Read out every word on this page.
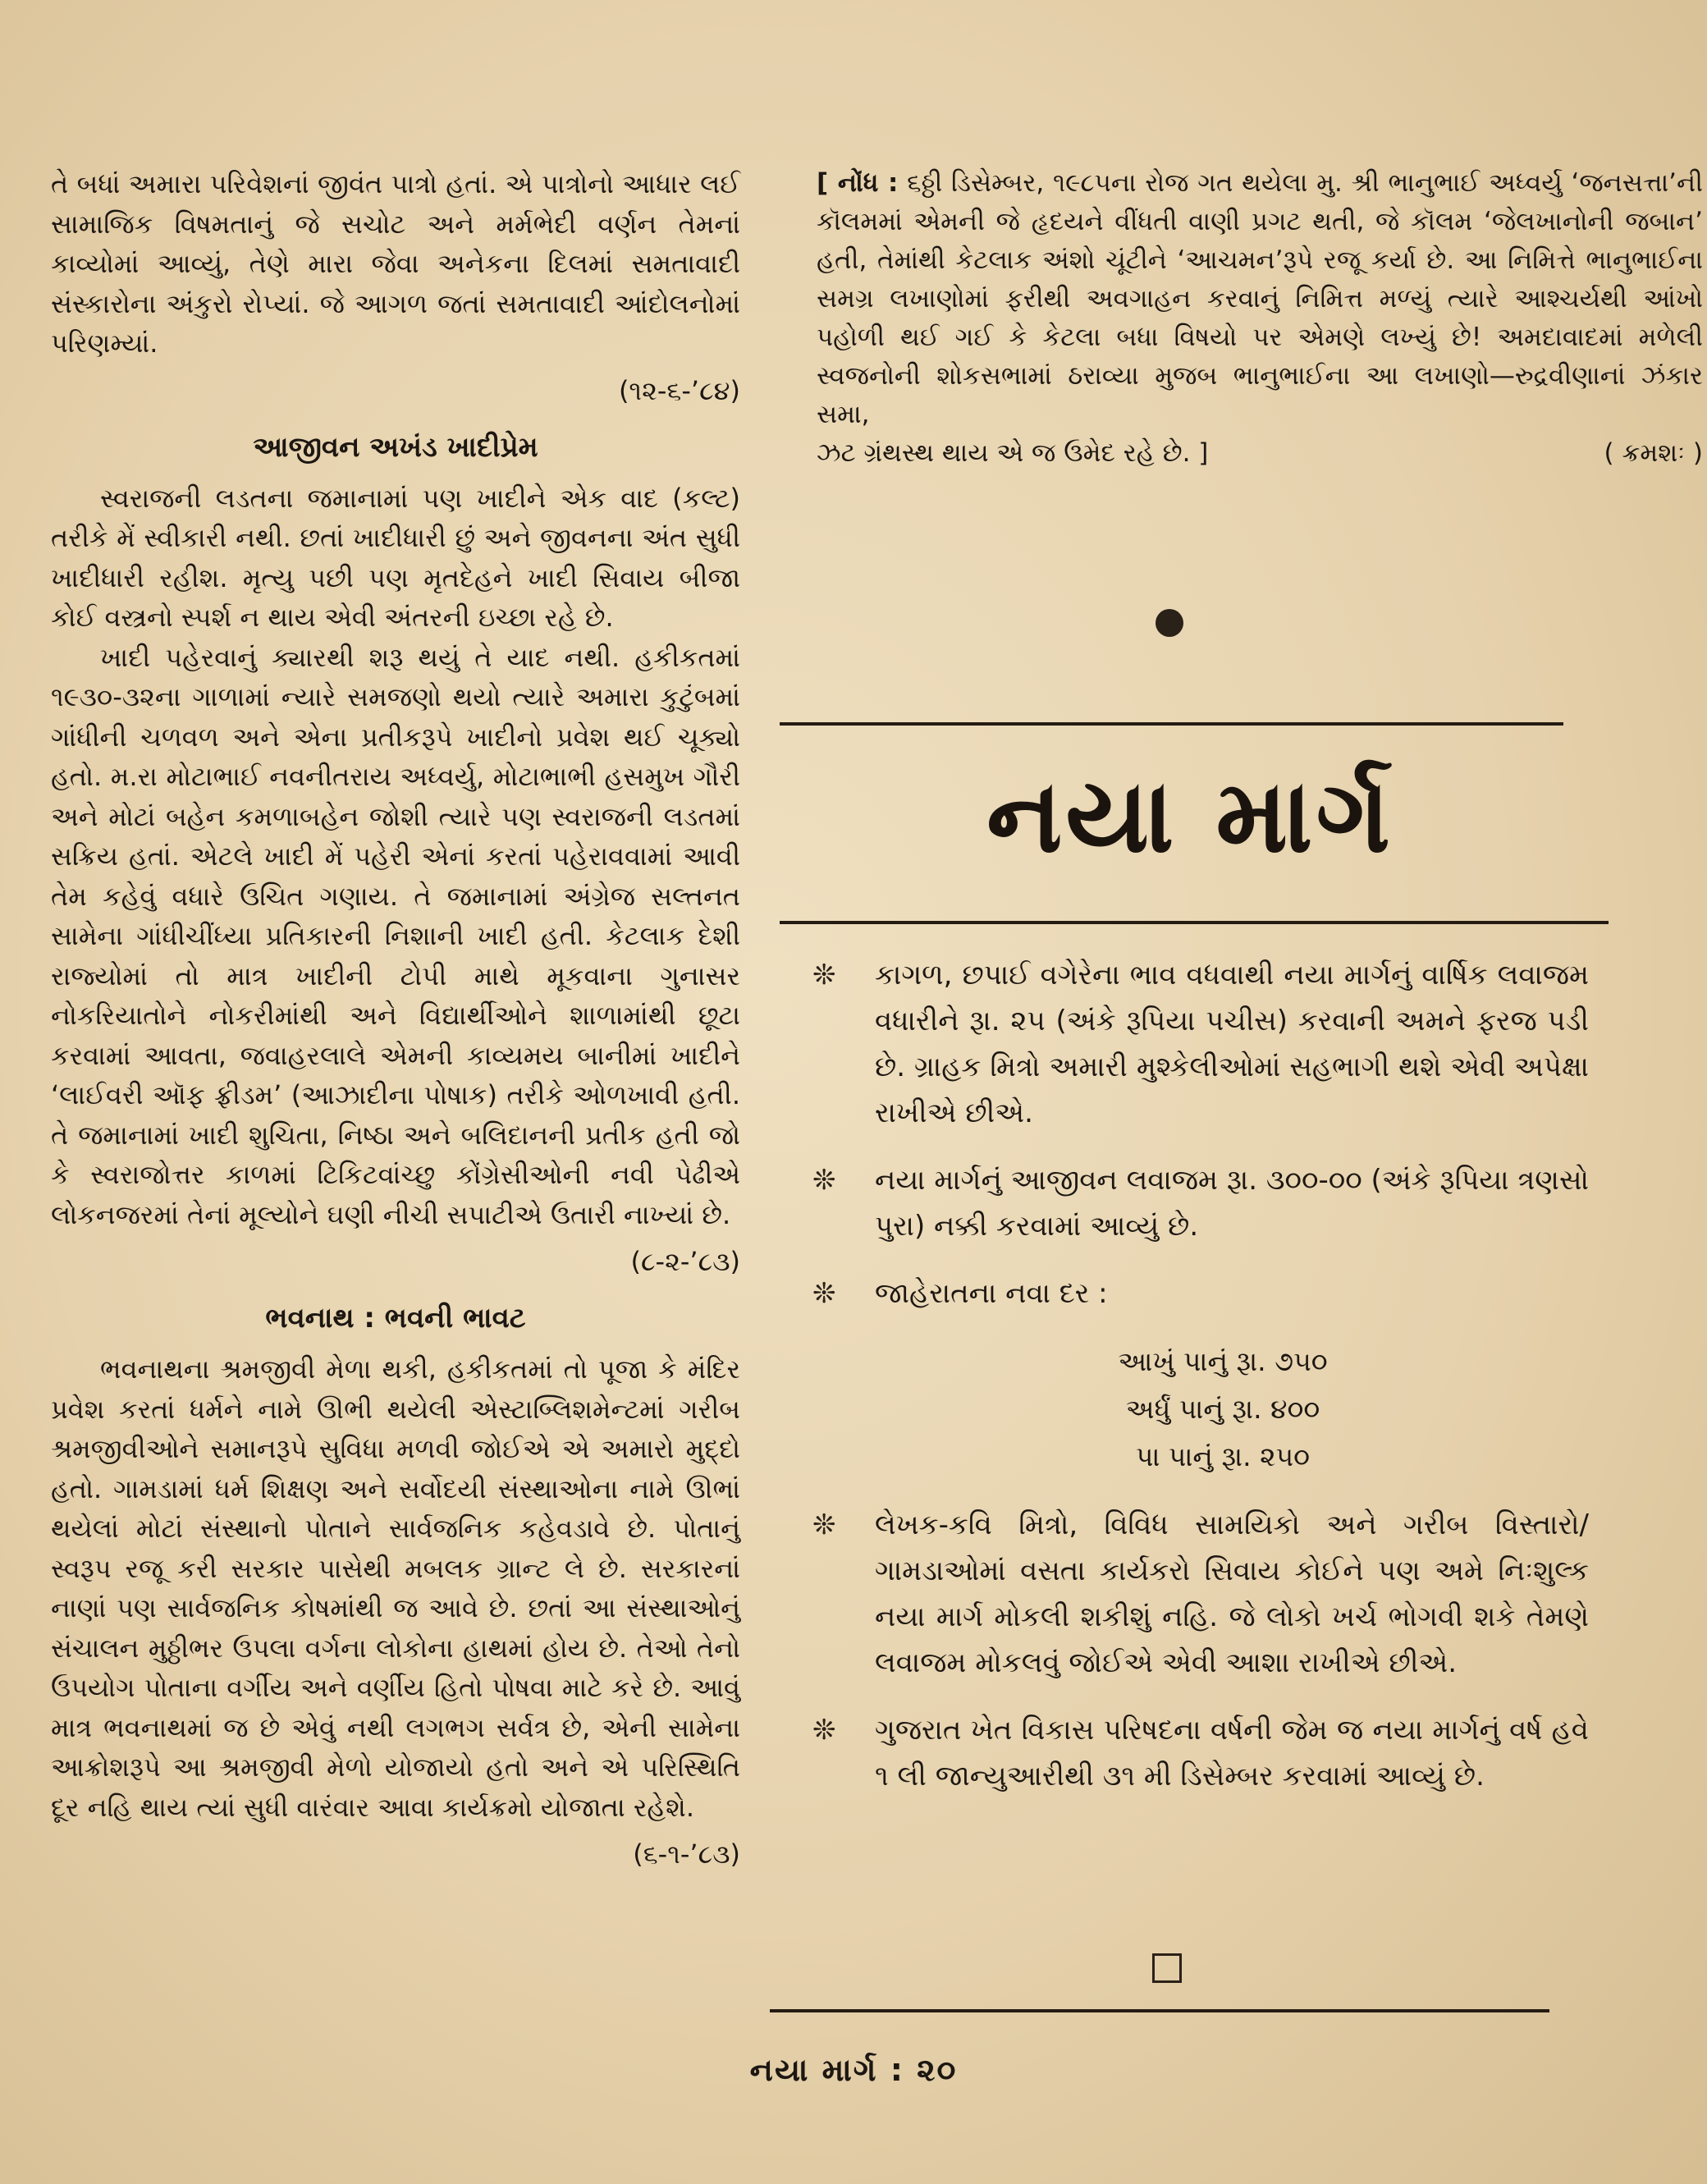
તે બધાં અમારા પરિવેશનાં જીવંત પાત્રો હતાં. એ પાત્રોનો આધાર લઈ સામાજિક વિષમતાનું જે સચોટ અને મર્મભેદી વર્ણન તેમનાં કાવ્યોમાં આવ્યું, તેણે મારા જેવા અનેકના દિલમાં સમતાવાદી સંસ્કારોના અંકુરો રોપ્યાં. જે આગળ જતાં સમતાવાદી આંદોલનોમાં પરિણમ્યાં.

(૧૨-૬-’૮૪)
આજીવન અખંડ ખાદીપ્રેમ

સ્વરાજની લડતના જમાનામાં પણ ખાદીને એક વાદ (કલ્ટ) તરીકે મેં સ્વીકારી નથી. છતાં ખાદીધારી છું અને જીવનના અંત સુધી ખાદીધારી રહીશ. મૃત્યુ પછી પણ મૃતદેહને ખાદી સિવાય બીજા કોઈ વસ્ત્રનો સ્પર્શ ન થાય એવી અંતરની ઇચ્છા રહે છે.

ખાદી પહેરવાનું ક્યારથી શરૂ થયું તે યાદ નથી. હકીકતમાં ૧૯૩૦-૩૨ના ગાળામાં ન્યારે સમજણો થયો ત્યારે અમારા કુટુંબમાં ગાંધીની ચળવળ અને એના પ્રતીકરૂપે ખાદીનો પ્રવેશ થઈ ચૂક્યો હતો. મ.રા મોટાભાઈ નવનીતરાય અધ્વર્યુ, મોટાભાભી હસમુખ ગૌરી અને મોટાં બહેન કમળાબહેન જોશી ત્યારે પણ સ્વરાજની લડતમાં સક્રિય હતાં. એટલે ખાદી મેં પહેરી એનાં કરતાં પહેરાવવામાં આવી તેમ કહેવું વધારે ઉચિત ગણાય. તે જમાનામાં અંગ્રેજ સલ્તનત સામેના ગાંધીચીંધ્યા પ્રતિકારની નિશાની ખાદી હતી. કેટલાક દેશી રાજ્યોમાં તો માત્ર ખાદીની ટોપી માથે મૂકવાના ગુનાસર નોકરિયાતોને નોકરીમાંથી અને વિદ્યાર્થીઓને શાળામાંથી છૂટા કરવામાં આવતા, જવાહરલાલે એમની કાવ્યમય બાનીમાં ખાદીને ‘લાઈવરી ઑફ ફ્રીડમ’ (આઝાદીના પોષાક) તરીકે ઓળખાવી હતી. તે જમાનામાં ખાદી શુચિતા, નિષ્ઠા અને બલિદાનની પ્રતીક હતી જો કે સ્વરાજોત્તર કાળમાં ટિકિટવાંચ્છુ કોંગ્રેસીઓની નવી પેઢીએ લોકનજરમાં તેનાં મૂલ્યોને ઘણી નીચી સપાટીએ ઉતારી નાખ્યાં છે.

(૮-૨-’૮૩)
ભવનાથ : ભવની ભાવટ

ભવનાથના શ્રમજીવી મેળા થકી, હકીકતમાં તો પૂજા કે મંદિર પ્રવેશ કરતાં ધર્મને નામે ઊભી થયેલી એસ્ટાબ્લિશમેન્ટમાં ગરીબ શ્રમજીવીઓને સમાનરૂપે સુવિધા મળવી જોઈએ એ અમારો મુદ્દો હતો. ગામડામાં ધર્મ શિક્ષણ અને સર્વોદયી સંસ્થાઓના નામે ઊભાં થયેલાં મોટાં સંસ્થાનો પોતાને સાર્વજનિક કહેવડાવે છે. પોતાનું સ્વરૂપ રજૂ કરી સરકાર પાસેથી મબલક ગ્રાન્ટ લે છે. સરકારનાં નાણાં પણ સાર્વજનિક કોષમાંથી જ આવે છે. છતાં આ સંસ્થાઓનું સંચાલન મુઠ્ઠીભર ઉપલા વર્ગના લોકોના હાથમાં હોય છે. તેઓ તેનો ઉપયોગ પોતાના વર્ગીય અને વર્ણીય હિતો પોષવા માટે કરે છે. આવું માત્ર ભવનાથમાં જ છે એવું નથી લગભગ સર્વત્ર છે, એની સામેના આક્રોશરૂપે આ શ્રમજીવી મેળો યોજાયો હતો અને એ પરિસ્થિતિ દૂર નહિ થાય ત્યાં સુધી વારંવાર આવા કાર્યક્રમો યોજાતા રહેશે.

(૬-૧-’૮૩)

[ નોંધ : ૬ઠ્ઠી ડિસેમ્બર, ૧૯૮૫ના રોજ ગત થયેલા મુ. શ્રી ભાનુભાઈ અધ્વર્યુ ‘જનસત્તા’ની કૉલમમાં એમની જે હૃદયને વીંધતી વાણી પ્રગટ થતી, જે કૉલમ ‘જેલખાનોની જબાન’ હતી, તેમાંથી કેટલાક અંશો ચૂંટીને ‘આચમન’રૂપે રજૂ કર્યા છે. આ નિમિત્તે ભાનુભાઈના સમગ્ર લખાણોમાં ફરીથી અવગાહન કરવાનું નિમિત્ત મળ્યું ત્યારે આશ્ચર્યથી આંખો પહોળી થઈ ગઈ કે કેટલા બધા વિષયો પર એમણે લખ્યું છે! અમદાવાદમાં મળેલી સ્વજનોની શોકસભામાં ઠરાવ્યા મુજબ ભાનુભાઈના આ લખાણો—રુદ્રવીણાનાં ઝંકાર સમા,

ઝટ ગ્રંથસ્થ થાય એ જ ઉમેદ રહે છે. ]	( ક્રમશઃ )
નયા માર્ગ
❊	કાગળ, છપાઈ વગેરેના ભાવ વધવાથી નયા માર્ગનું વાર્ષિક લવાજમ વધારીને રૂા. ૨૫ (અંકે રૂપિયા પચીસ) કરવાની અમને ફરજ પડી છે. ગ્રાહક મિત્રો અમારી મુશ્કેલીઓમાં સહભાગી થશે એવી અપેક્ષા રાખીએ છીએ.
❊	નયા માર્ગનું આજીવન લવાજમ રૂા. ૩૦૦-૦૦ (અંકે રૂપિયા ત્રણસો પુરા) નક્કી કરવામાં આવ્યું છે.
❊	જાહેરાતના નવા દર :
આખું પાનું રૂા. ૭૫૦
અર્ધું પાનું રૂા. ૪૦૦
પા પાનું રૂા. ૨૫૦
❊	લેખક-કવિ મિત્રો, વિવિધ સામયિકો અને ગરીબ વિસ્તારો/ગામડાઓમાં વસતા કાર્યકરો સિવાય કોઈને પણ અમે નિઃશુલ્ક નયા માર્ગ મોકલી શકીશું નહિ. જે લોકો ખર્ચ ભોગવી શકે તેમણે લવાજમ મોકલવું જોઈએ એવી આશા રાખીએ છીએ.
❊	ગુજરાત ખેત વિકાસ પરિષદના વર્ષની જેમ જ નયા માર્ગનું વર્ષ હવે ૧ લી જાન્યુઆરીથી ૩૧ મી ડિસેમ્બર કરવામાં આવ્યું છે.
નયા માર્ગ : ૨૦
